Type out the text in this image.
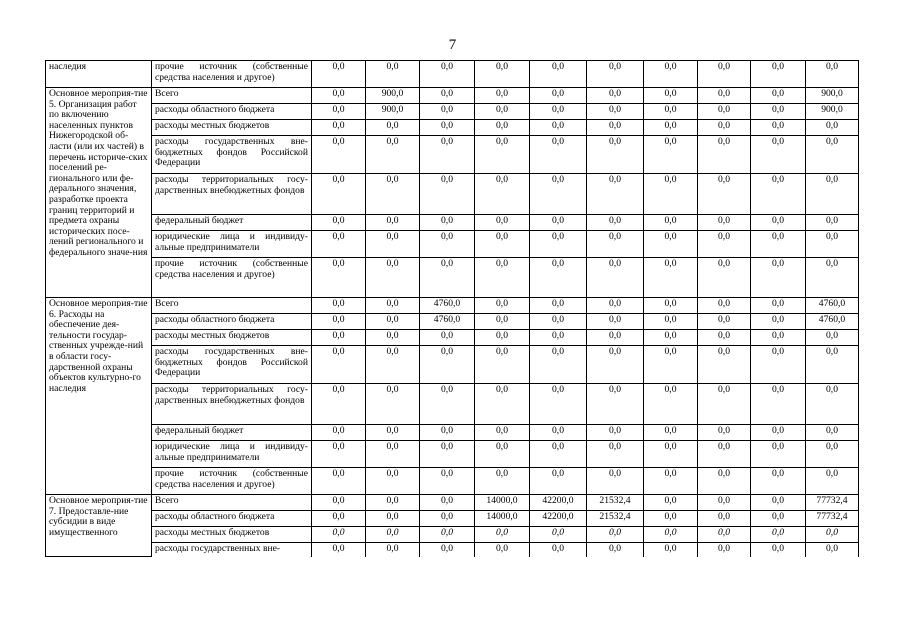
7
наследия	прочие источник (собственные средства населения и другое)	0,0	0,0	0,0	0,0	0,0	0,0	0,0	0,0	0,0	0,0
Основное мероприя-тие 5. Организация работ по включению населенных пунктов Нижегородской об-ласти (или их частей) в перечень историче-ских поселений ре-гионального или фе-дерального значения, разработке проекта границ территорий и предмета охраны исторических посе-лений регионального и федерального значе-ния	Всего	0,0	900,0	0,0	0,0	0,0	0,0	0,0	0,0	0,0	900,0
	расходы областного бюджета	0,0	900,0	0,0	0,0	0,0	0,0	0,0	0,0	0,0	900,0
	расходы местных бюджетов	0,0	0,0	0,0	0,0	0,0	0,0	0,0	0,0	0,0	0,0
	расходы государственных вне-бюджетных фондов Российской Федерации	0,0	0,0	0,0	0,0	0,0	0,0	0,0	0,0	0,0	0,0
	расходы территориальных госу-дарственных внебюджетных фондов	0,0	0,0	0,0	0,0	0,0	0,0	0,0	0,0	0,0	0,0
	федеральный бюджет	0,0	0,0	0,0	0,0	0,0	0,0	0,0	0,0	0,0	0,0
	юридические лица и индивиду-альные предприниматели	0,0	0,0	0,0	0,0	0,0	0,0	0,0	0,0	0,0	0,0
	прочие источник (собственные средства населения и другое)	0,0	0,0	0,0	0,0	0,0	0,0	0,0	0,0	0,0	0,0
Основное мероприя-тие 6. Расходы на обеспечение дея-тельности государ-ственных учрежде-ний в области госу-дарственной охраны объектов культурно-го наследия	Всего	0,0	0,0	4760,0	0,0	0,0	0,0	0,0	0,0	0,0	4760,0
	расходы областного бюджета	0,0	0,0	4760,0	0,0	0,0	0,0	0,0	0,0	0,0	4760,0
	расходы местных бюджетов	0,0	0,0	0,0	0,0	0,0	0,0	0,0	0,0	0,0	0,0
	расходы государственных вне-бюджетных фондов Российской Федерации	0,0	0,0	0,0	0,0	0,0	0,0	0,0	0,0	0,0	0,0
	расходы территориальных госу-дарственных внебюджетных фондов	0,0	0,0	0,0	0,0	0,0	0,0	0,0	0,0	0,0	0,0
	федеральный бюджет	0,0	0,0	0,0	0,0	0,0	0,0	0,0	0,0	0,0	0,0
	юридические лица и индивиду-альные предприниматели	0,0	0,0	0,0	0,0	0,0	0,0	0,0	0,0	0,0	0,0
	прочие источник (собственные средства населения и другое)	0,0	0,0	0,0	0,0	0,0	0,0	0,0	0,0	0,0	0,0
Основное мероприя-тие 7. Предоставле-ние субсидии в виде имущественного	Всего	0,0	0,0	0,0	14000,0	42200,0	21532,4	0,0	0,0	0,0	77732,4
	расходы областного бюджета	0,0	0,0	0,0	14000,0	42200,0	21532,4	0,0	0,0	0,0	77732,4
	расходы местных бюджетов	0,0	0,0	0,0	0,0	0,0	0,0	0,0	0,0	0,0	0,0
	расходы государственных вне-	0,0	0,0	0,0	0,0	0,0	0,0	0,0	0,0	0,0	0,0
